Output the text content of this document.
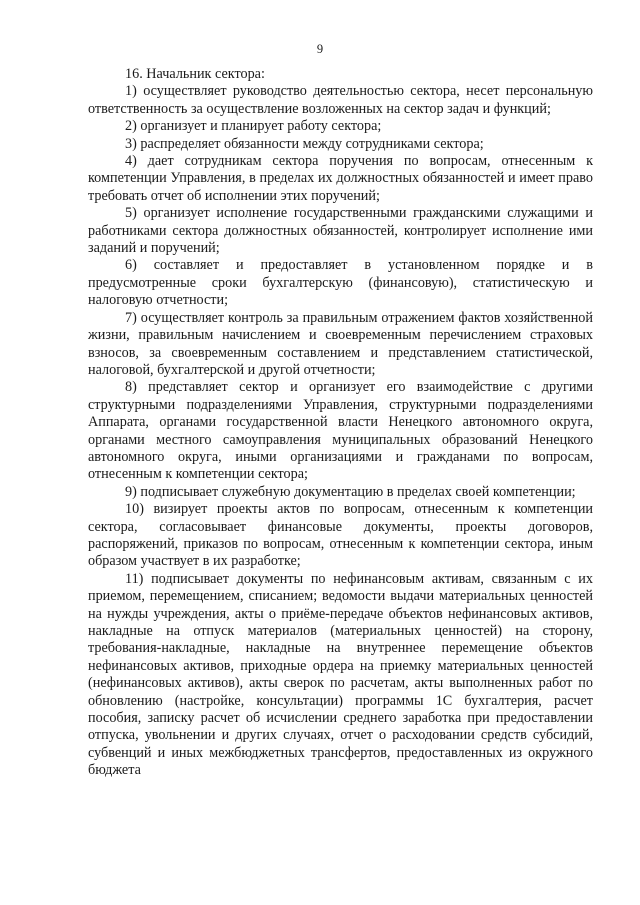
9

16. Начальник сектора:

1) осуществляет руководство деятельностью сектора, несет персональную ответственность за осуществление возложенных на сектор задач и функций;

2) организует и планирует работу сектора;

3) распределяет обязанности между сотрудниками сектора;

4) дает сотрудникам сектора поручения по вопросам, отнесенным к компетенции Управления, в пределах их должностных обязанностей и имеет право требовать отчет об исполнении этих поручений;

5) организует исполнение государственными гражданскими служащими и работниками сектора должностных обязанностей, контролирует исполнение ими заданий и поручений;

6) составляет и предоставляет в установленном порядке и в предусмотренные сроки бухгалтерскую (финансовую), статистическую и налоговую отчетности;

7) осуществляет контроль за правильным отражением фактов хозяйственной жизни, правильным начислением и своевременным перечислением страховых взносов, за своевременным составлением и представлением статистической, налоговой, бухгалтерской и другой отчетности;

8) представляет сектор и организует его взаимодействие с другими структурными подразделениями Управления, структурными подразделениями Аппарата, органами государственной власти Ненецкого автономного округа, органами местного самоуправления муниципальных образований Ненецкого автономного округа, иными организациями и гражданами по вопросам, отнесенным к компетенции сектора;

9) подписывает служебную документацию в пределах своей компетенции;

10) визирует проекты актов по вопросам, отнесенным к компетенции сектора, согласовывает финансовые документы, проекты договоров, распоряжений, приказов по вопросам, отнесенным к компетенции сектора, иным образом участвует в их разработке;

11) подписывает документы по нефинансовым активам, связанным с их приемом, перемещением, списанием; ведомости выдачи материальных ценностей на нужды учреждения, акты о приёме-передаче объектов нефинансовых активов, накладные на отпуск материалов (материальных ценностей) на сторону, требования-накладные, накладные на внутреннее перемещение объектов нефинансовых активов, приходные ордера на приемку материальных ценностей (нефинансовых активов), акты сверок по расчетам, акты выполненных работ по обновлению (настройке, консультации) программы 1С бухгалтерия, расчет пособия, записку расчет об исчислении среднего заработка при предоставлении отпуска, увольнении и других случаях, отчет о расходовании средств субсидий, субвенций и иных межбюджетных трансфертов, предоставленных из окружного бюджета
